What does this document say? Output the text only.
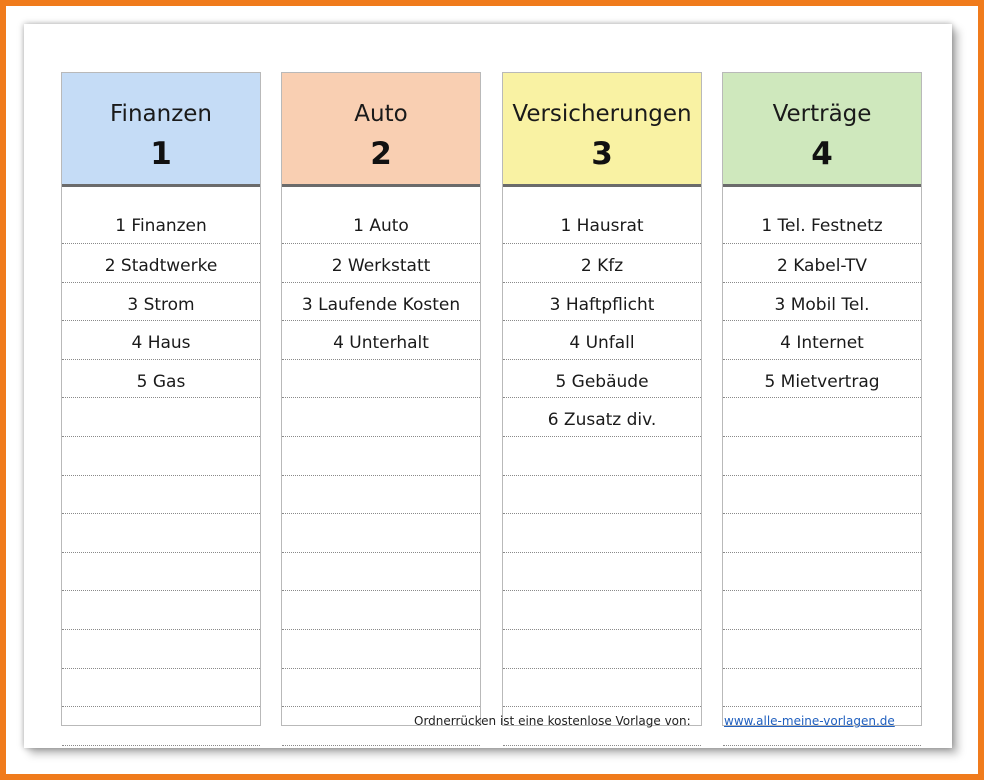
Finanzen
1
1 Finanzen
2 Stadtwerke
3 Strom
4 Haus
5 Gas
Auto
2
1 Auto
2 Werkstatt
3 Laufende Kosten
4 Unterhalt
Versicherungen
3
1 Hausrat
2 Kfz
3 Haftpflicht
4 Unfall
5 Gebäude
6 Zusatz div.
Verträge
4
1 Tel. Festnetz
2 Kabel-TV
3 Mobil Tel.
4 Internet
5 Mietvertrag
Ordnerrücken ist eine kostenlose Vorlage von:	www.alle-meine-vorlagen.de
